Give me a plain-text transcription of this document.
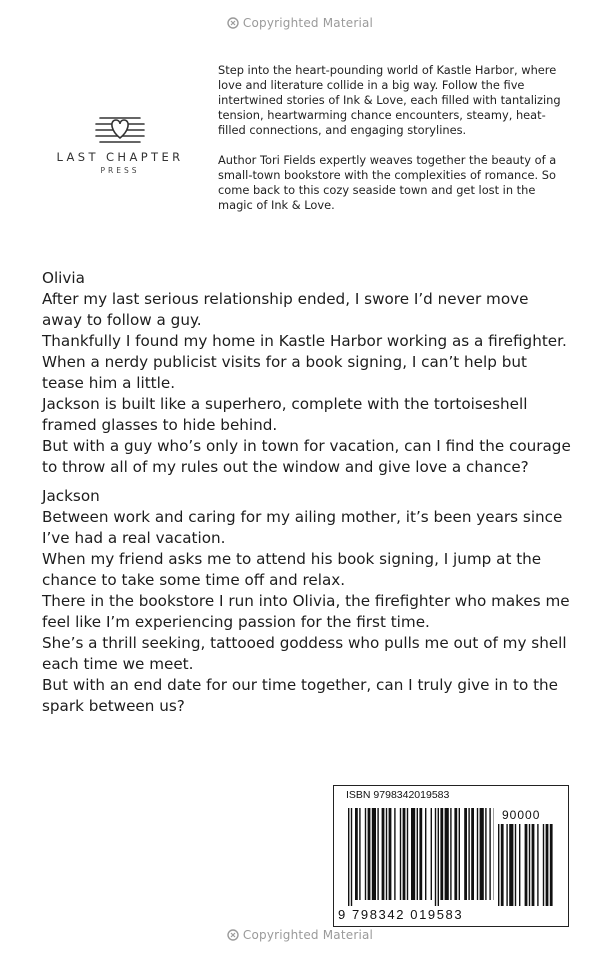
Copyrighted Material
LAST CHAPTER
PRESS

Step into the heart-pounding world of Kastle Harbor, where love and literature collide in a big way. Follow the five intertwined stories of Ink & Love, each filled with tantalizing tension, heartwarming chance encounters, steamy, heat-filled connections, and engaging storylines.

Author Tori Fields expertly weaves together the beauty of a small-town bookstore with the complexities of romance. So come back to this cozy seaside town and get lost in the magic of Ink & Love.

Olivia

After my last serious relationship ended, I swore I’d never move away to follow a guy.

Thankfully I found my home in Kastle Harbor working as a firefighter.

When a nerdy publicist visits for a book signing, I can’t help but tease him a little.

Jackson is built like a superhero, complete with the tortoiseshell framed glasses to hide behind.

But with a guy who’s only in town for vacation, can I find the courage to throw all of my rules out the window and give love a chance?

Jackson

Between work and caring for my ailing mother, it’s been years since I’ve had a real vacation.

When my friend asks me to attend his book signing, I jump at the chance to take some time off and relax.

There in the bookstore I run into Olivia, the firefighter who makes me feel like I’m experiencing passion for the first time.

She’s a thrill seeking, tattooed goddess who pulls me out of my shell each time we meet.

But with an end date for our time together, can I truly give in to the spark between us?

ISBN 9798342019583
90000
9 798342 019583
Copyrighted Material
